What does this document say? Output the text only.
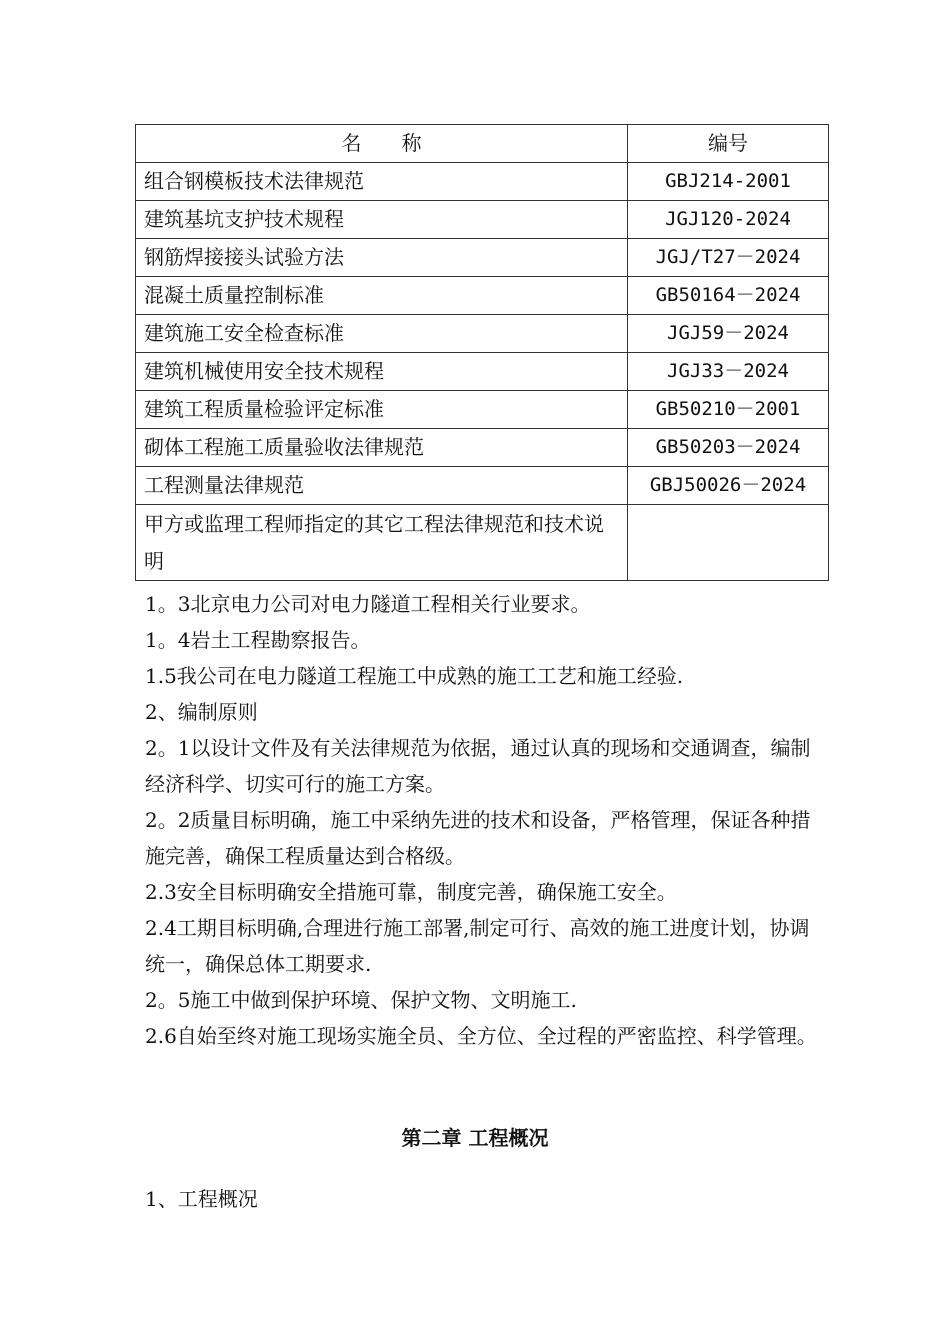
名　　称	编号
组合钢模板技术法律规范	GBJ214-2001
建筑基坑支护技术规程	JGJ120-2024
钢筋焊接接头试验方法	JGJ/T27－2024
混凝土质量控制标准	GB50164－2024
建筑施工安全检查标准	JGJ59－2024
建筑机械使用安全技术规程	JGJ33－2024
建筑工程质量检验评定标准	GB50210－2001
砌体工程施工质量验收法律规范	GB50203－2024
工程测量法律规范	GBJ50026－2024
甲方或监理工程师指定的其它工程法律规范和技术说明	

1。3北京电力公司对电力隧道工程相关行业要求。

1。4岩土工程勘察报告。

1.5我公司在电力隧道工程施工中成熟的施工工艺和施工经验.

2、编制原则

2。1以设计文件及有关法律规范为依据，通过认真的现场和交通调查，编制经济科学、切实可行的施工方案。

2。2质量目标明确，施工中采纳先进的技术和设备，严格管理，保证各种措施完善，确保工程质量达到合格级。

2.3安全目标明确安全措施可靠，制度完善，确保施工安全。

2.4工期目标明确,合理进行施工部署,制定可行、高效的施工进度计划，协调统一，确保总体工期要求.

2。5施工中做到保护环境、保护文物、文明施工.

2.6自始至终对施工现场实施全员、全方位、全过程的严密监控、科学管理。

第二章 工程概况
1、工程概况
